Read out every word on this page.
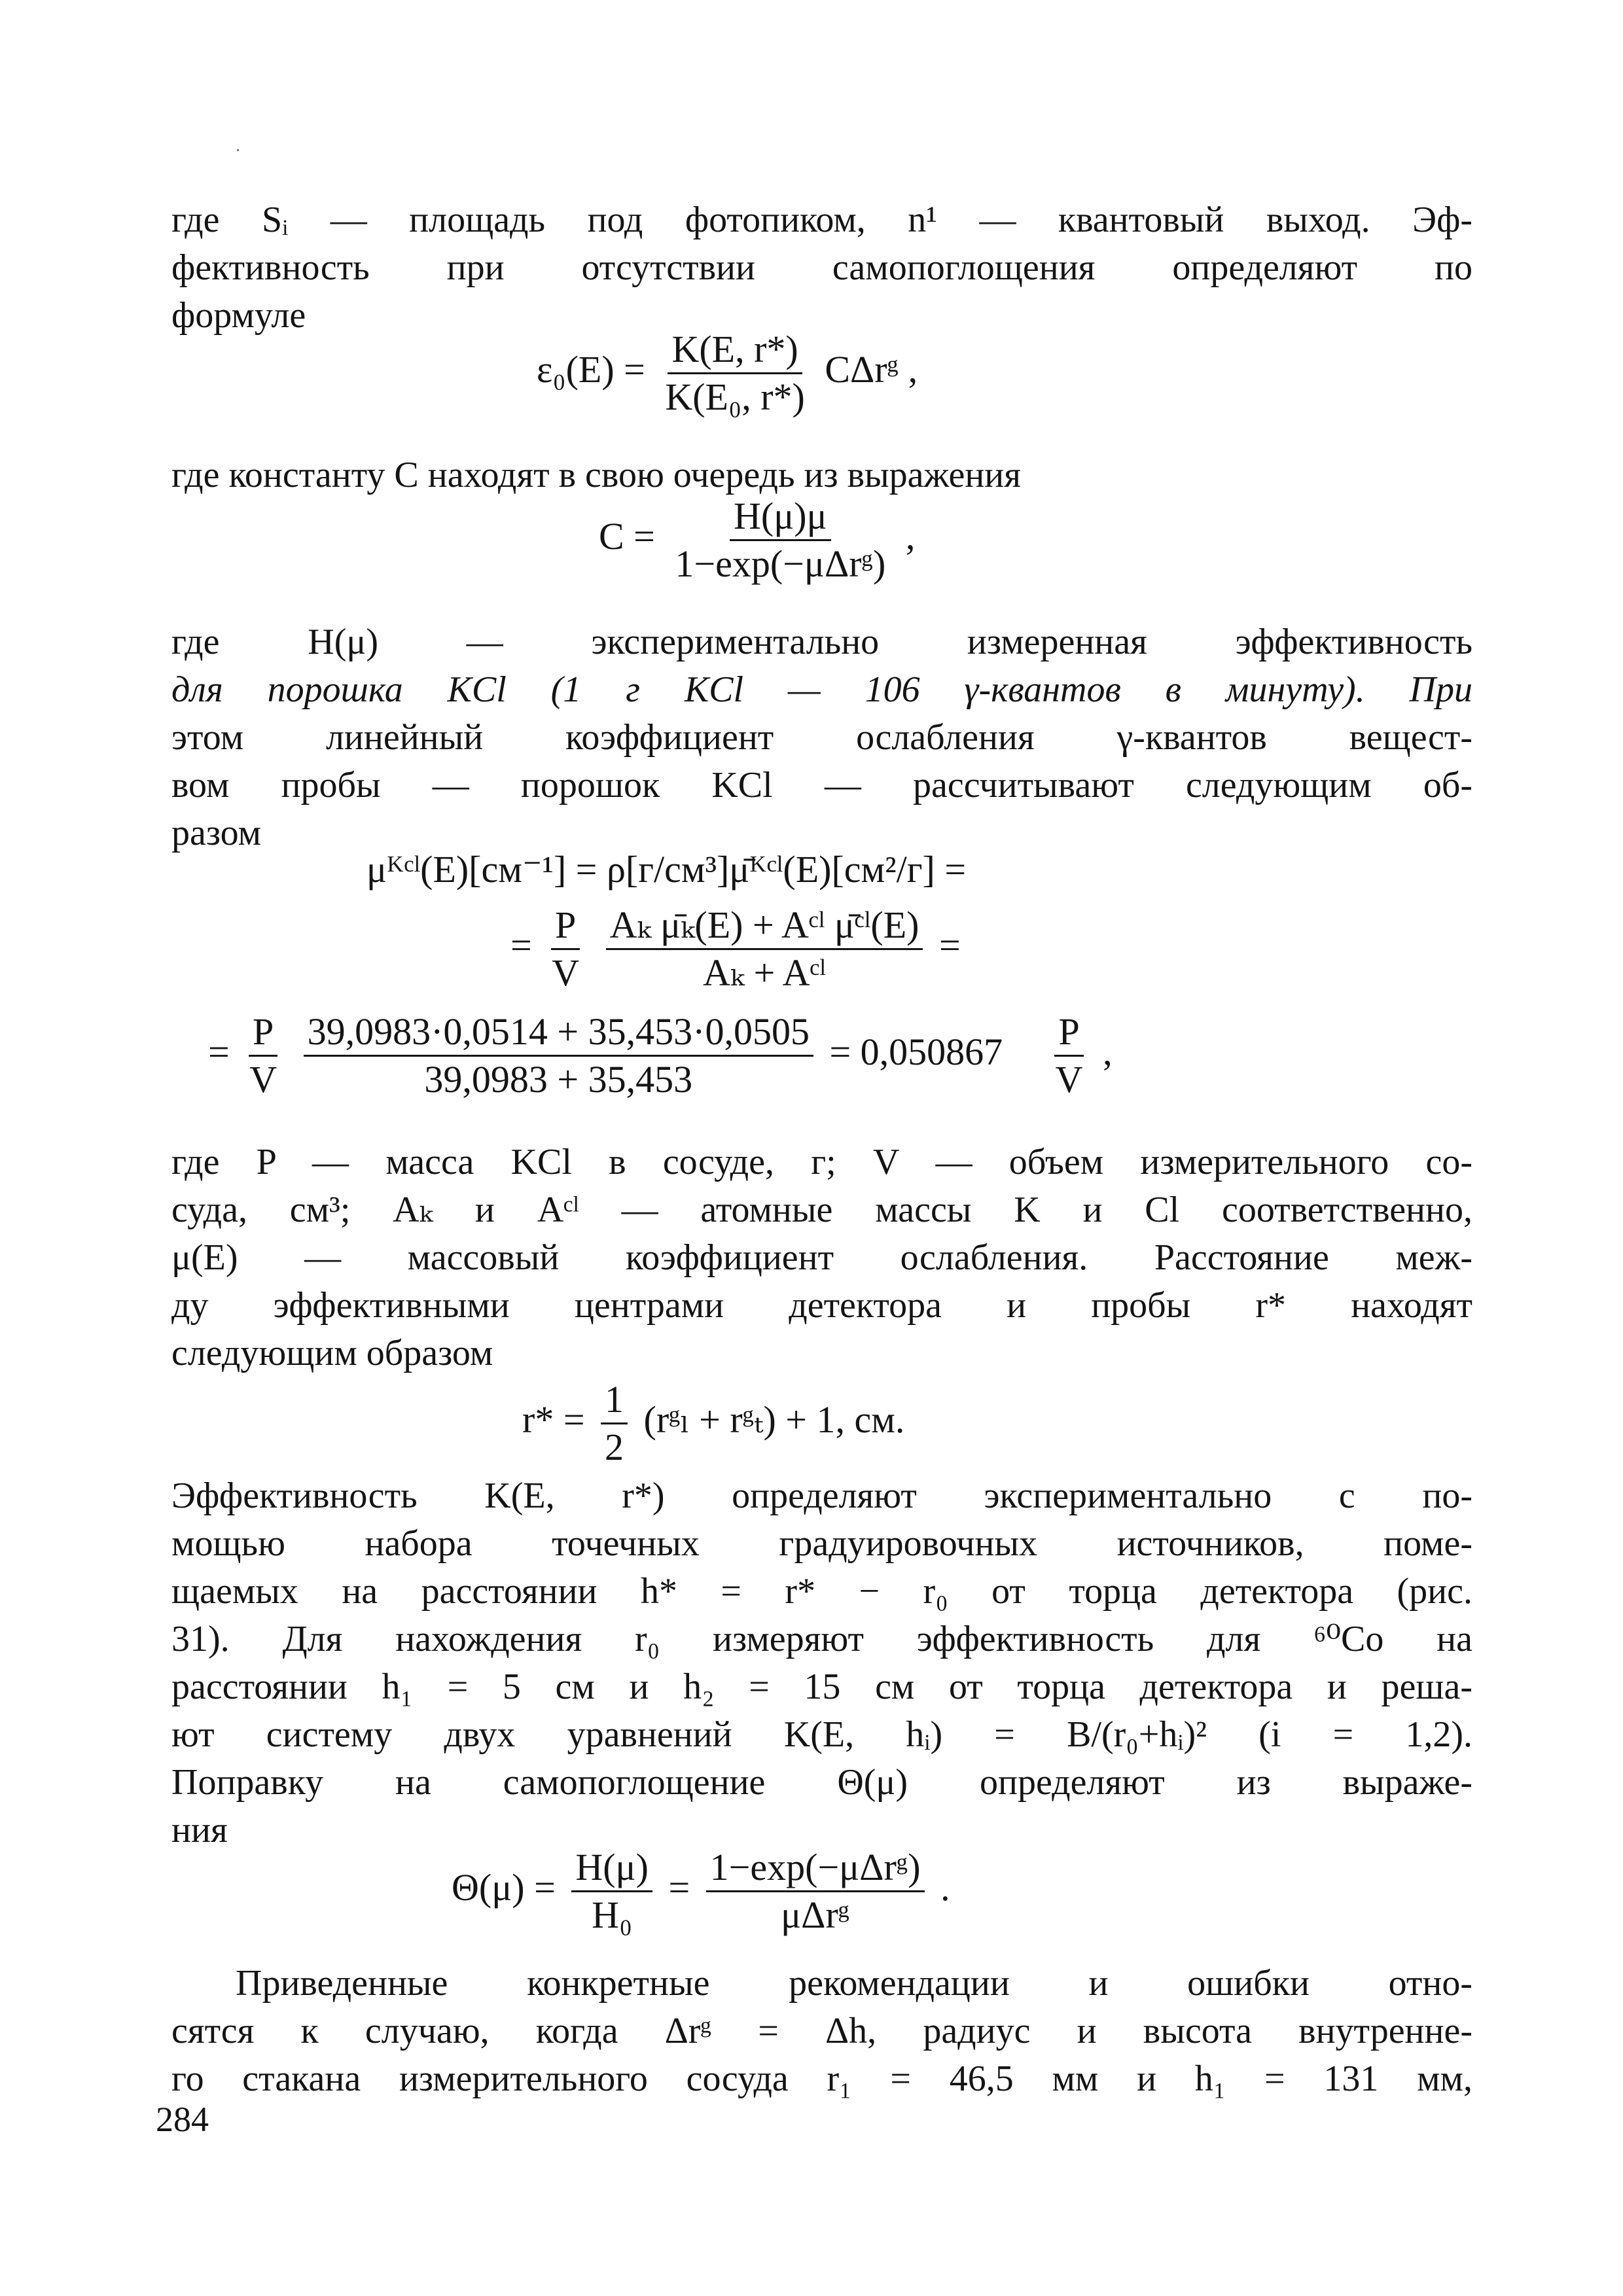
где Sᵢ — площадь под фотопиком, n¹ — квантовый выход. Эф-
фективность при отсутствии самопоглощения определяют по
формуле
$\varepsilon_0(E) = \frac{K(E, r*)}{\text{K(E₀, r*)}}$ CΔrᵍ ,
где константу С находят в свою очередь из выражения
$C = \frac{H(\mu)\mu}{\text{1−exp(−μΔrᵍ)}}$ ,
где H(μ) — экспериментально измеренная эффективность
для порошка KCl (1 г KCl — 106 γ-квантов в минуту). При
этом линейный коэффициент ослабления γ-квантов вещест-
вом пробы — порошок KCl — рассчитывают следующим об-
разом
μᴷᶜˡ(E)[см⁻¹] = ρ[г/см³]μ̄ᴷᶜˡ(E)[см²/г] =
= $\frac{P}{V}$
$\frac{\text{Aₖ μ̄ₖ(E) + Aᶜˡ μ̄ᶜˡ(E)}}{\text{Aₖ + Aᶜˡ}}$ =
= $\frac{P}{V}$
$\frac{39,0983\cdot 0,0514 + 35,453\cdot 0,0505}{39,0983 + 35,453} = 0,050867 \frac{P}{V}$ ,
где P — масса KCl в сосуде, г; V — объем измерительного со-
суда, см³; Aₖ и Aᶜˡ — атомные массы K и Cl соответственно,
μ(E) — массовый коэффициент ослабления. Расстояние меж-
ду эффективными центрами детектора и пробы r* находят
следующим образом
$r* = \frac{1}{2}$ (rᵍₗ + rᵍₜ) + 1, см.
Эффективность K(E, r*) определяют экспериментально с по-
мощью набора точечных градуировочных источников, поме-
щаемых на расстоянии h* = r* − r₀ от торца детектора (рис.
31). Для нахождения r₀ измеряют эффективность для ⁶⁰Co на
расстоянии h₁ = 5 см и h₂ = 15 см от торца детектора и реша-
ют систему двух уравнений K(E, hᵢ) = B/(r₀+hᵢ)² (i = 1,2).
Поправку на самопоглощение Θ(μ) определяют из выраже-
ния
$\Theta(\mu) = \frac{H(\mu)}{\text{H₀}} = \frac{\text{1−exp(−μΔrᵍ)}}{\text{μΔrᵍ}}$ .
Приведенные конкретные рекомендации и ошибки отно-
сятся к случаю, когда Δrᵍ = Δh, радиус и высота внутренне-
го стакана измерительного сосуда r₁ = 46,5 мм и h₁ = 131 мм,
284
